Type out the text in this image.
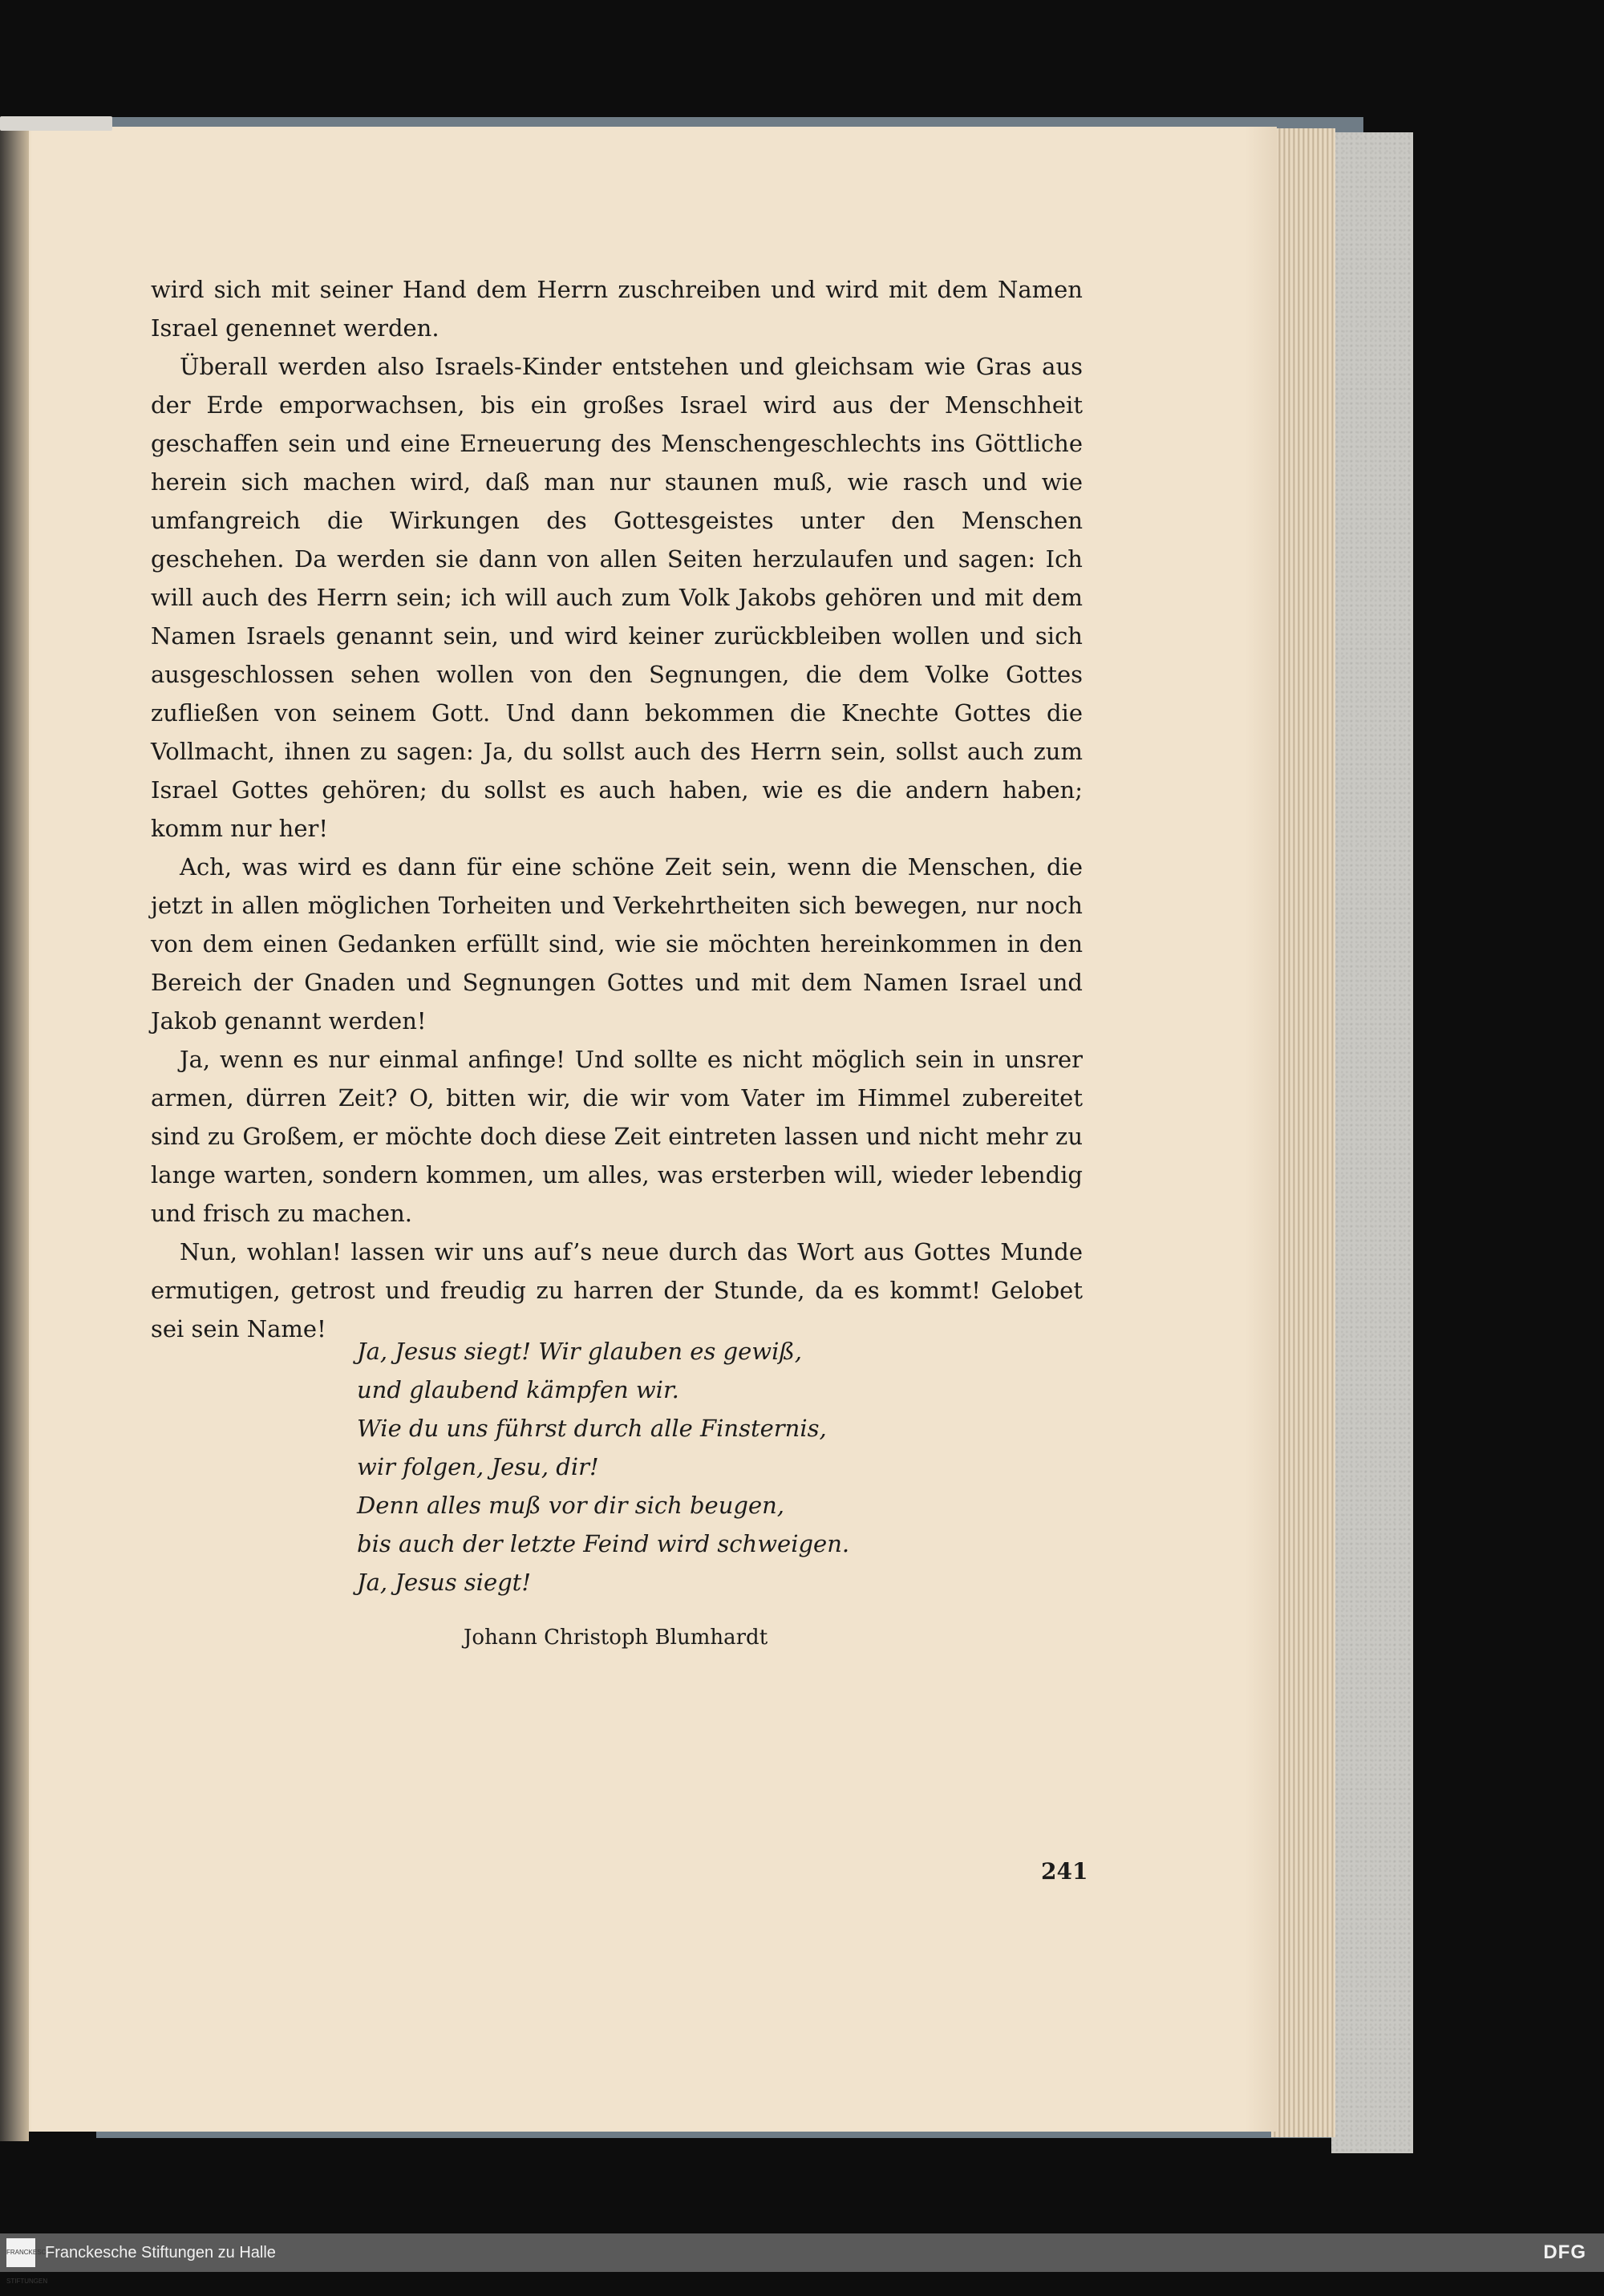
wird sich mit seiner Hand dem Herrn zuschreiben und wird mit dem Namen Israel genennet werden.

Überall werden also Israels-Kinder entstehen und gleichsam wie Gras aus der Erde emporwachsen, bis ein großes Israel wird aus der Menschheit geschaffen sein und eine Erneuerung des Menschengeschlechts ins Göttliche herein sich machen wird, daß man nur staunen muß, wie rasch und wie umfangreich die Wirkungen des Gottesgeistes unter den Menschen geschehen. Da werden sie dann von allen Seiten herzulaufen und sagen: Ich will auch des Herrn sein; ich will auch zum Volk Jakobs gehören und mit dem Namen Israels genannt sein, und wird keiner zurückbleiben wollen und sich ausgeschlossen sehen wollen von den Segnungen, die dem Volke Gottes zufließen von seinem Gott. Und dann bekommen die Knechte Gottes die Vollmacht, ihnen zu sagen: Ja, du sollst auch des Herrn sein, sollst auch zum Israel Gottes gehören; du sollst es auch haben, wie es die andern haben; komm nur her!

Ach, was wird es dann für eine schöne Zeit sein, wenn die Menschen, die jetzt in allen möglichen Torheiten und Verkehrtheiten sich bewegen, nur noch von dem einen Gedanken erfüllt sind, wie sie möchten hereinkommen in den Bereich der Gnaden und Segnungen Gottes und mit dem Namen Israel und Jakob genannt werden!

Ja, wenn es nur einmal anfinge! Und sollte es nicht möglich sein in unsrer armen, dürren Zeit? O, bitten wir, die wir vom Vater im Himmel zubereitet sind zu Großem, er möchte doch diese Zeit eintreten lassen und nicht mehr zu lange warten, sondern kommen, um alles, was ersterben will, wieder lebendig und frisch zu machen.

Nun, wohlan! lassen wir uns auf’s neue durch das Wort aus Gottes Munde ermutigen, getrost und freudig zu harren der Stunde, da es kommt! Gelobet sei sein Name!

Ja, Jesus siegt! Wir glauben es gewiß,
und glaubend kämpfen wir.
Wie du uns führst durch alle Finsternis,
wir folgen, Jesu, dir!
Denn alles muß vor dir sich beugen,
bis auch der letzte Feind wird schweigen.
Ja, Jesus siegt!
Johann Christoph Blumhardt
241
FRANCKESCHE STIFTUNGEN
Franckesche Stiftungen zu Halle	DFG
